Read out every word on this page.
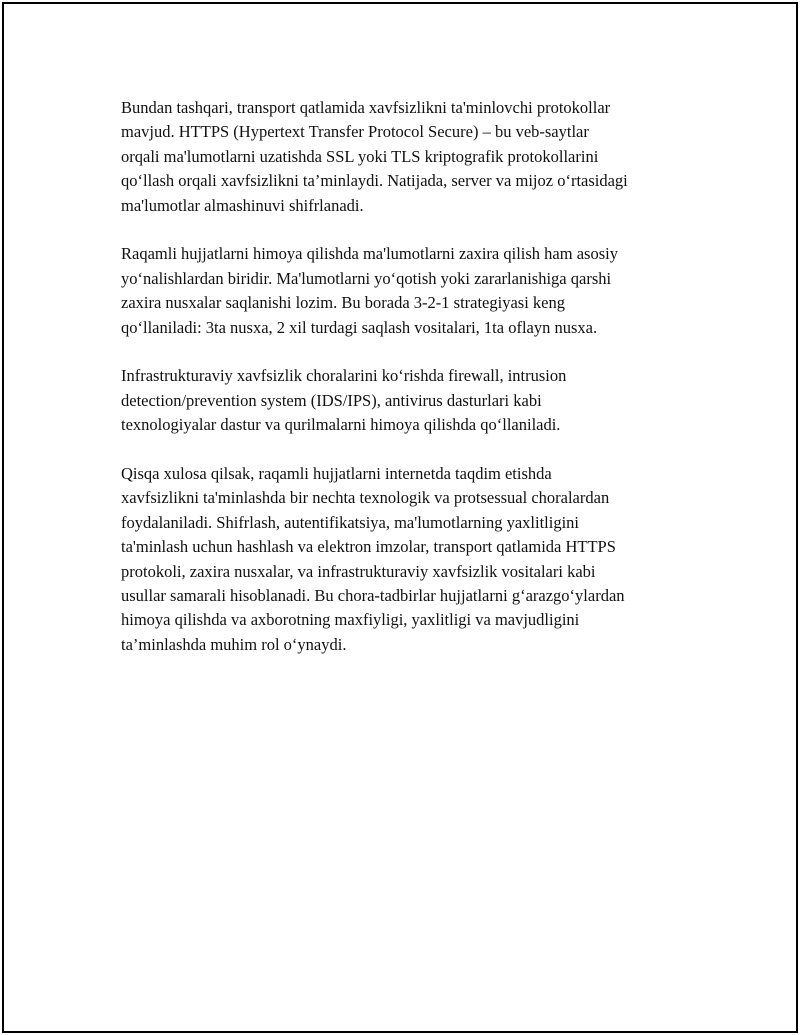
Bundan tashqari, transport qatlamida xavfsizlikni ta'minlovchi protokollar
mavjud. HTTPS (Hypertext Transfer Protocol Secure) – bu veb-saytlar
orqali ma'lumotlarni uzatishda SSL yoki TLS kriptografik protokollarini
qo‘llash orqali xavfsizlikni ta’minlaydi. Natijada, server va mijoz o‘rtasidagi
ma'lumotlar almashinuvi shifrlanadi.

Raqamli hujjatlarni himoya qilishda ma'lumotlarni zaxira qilish ham asosiy
yo‘nalishlardan biridir. Ma'lumotlarni yo‘qotish yoki zararlanishiga qarshi
zaxira nusxalar saqlanishi lozim. Bu borada 3-2-1 strategiyasi keng
qo‘llaniladi: 3ta nusxa, 2 xil turdagi saqlash vositalari, 1ta oflayn nusxa.

Infrastrukturaviy xavfsizlik choralarini ko‘rishda firewall, intrusion
detection/prevention system (IDS/IPS), antivirus dasturlari kabi
texnologiyalar dastur va qurilmalarni himoya qilishda qo‘llaniladi.

Qisqa xulosa qilsak, raqamli hujjatlarni internetda taqdim etishda
xavfsizlikni ta'minlashda bir nechta texnologik va protsessual choralardan
foydalaniladi. Shifrlash, autentifikatsiya, ma'lumotlarning yaxlitligini
ta'minlash uchun hashlash va elektron imzolar, transport qatlamida HTTPS
protokoli, zaxira nusxalar, va infrastrukturaviy xavfsizlik vositalari kabi
usullar samarali hisoblanadi. Bu chora-tadbirlar hujjatlarni g‘arazgo‘ylardan
himoya qilishda va axborotning maxfiyligi, yaxlitligi va mavjudligini
ta’minlashda muhim rol o‘ynaydi.
